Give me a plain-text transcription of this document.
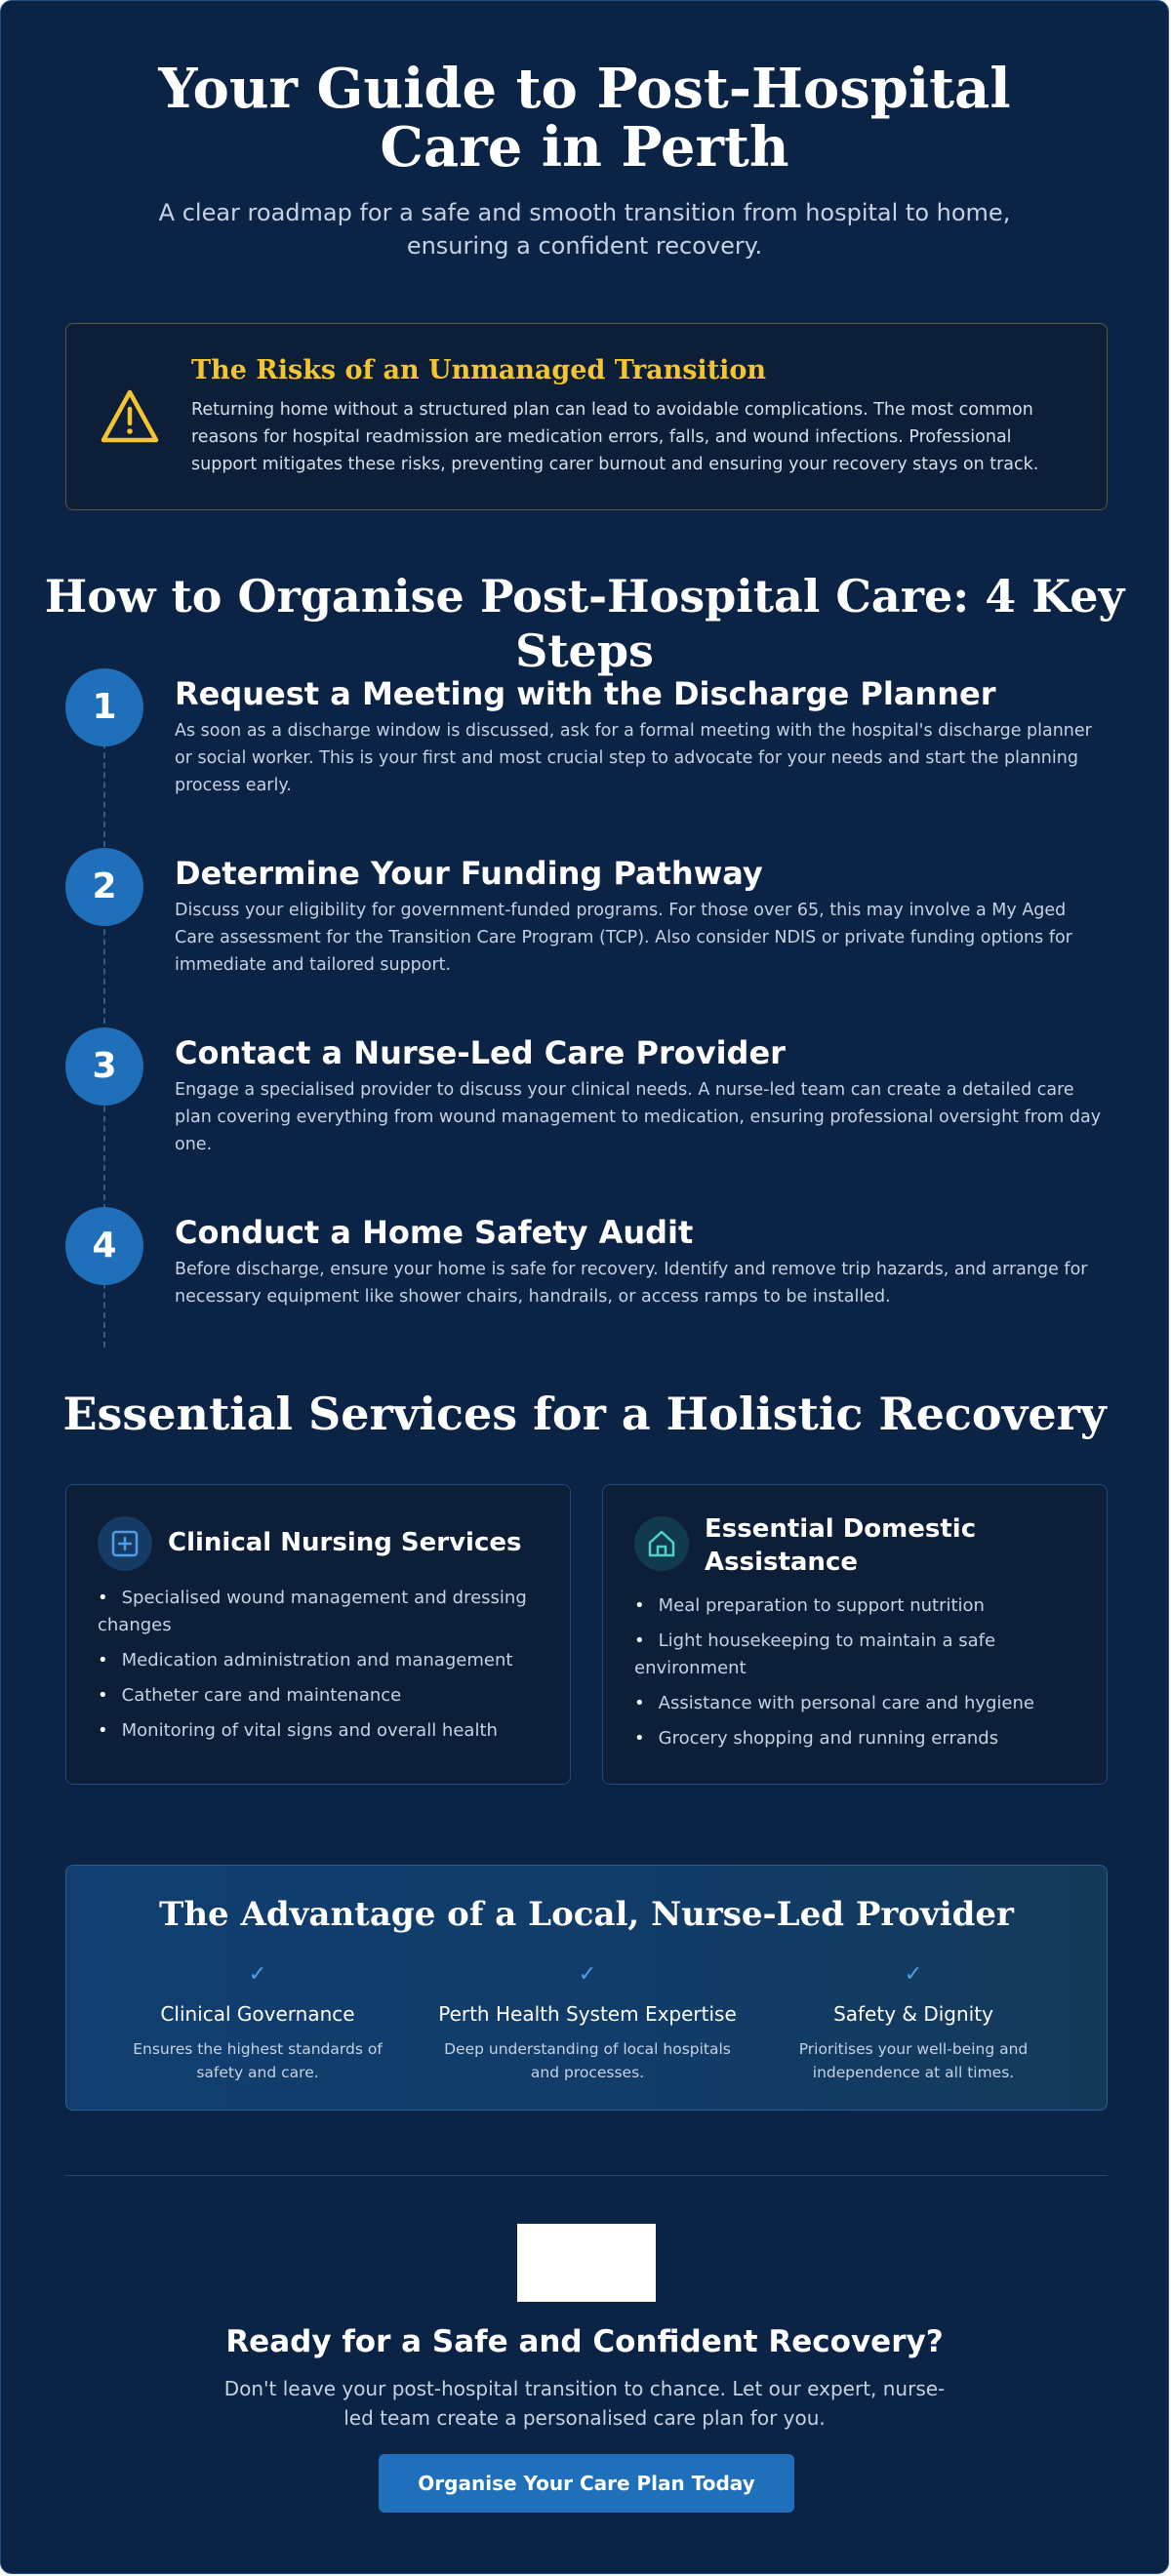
Your Guide to Post-Hospital Care in Perth

A clear roadmap for a safe and smooth transition from hospital to home, ensuring a confident recovery.

The Risks of an Unmanaged Transition

Returning home without a structured plan can lead to avoidable complications. The most common reasons for hospital readmission are medication errors, falls, and wound infections. Professional support mitigates these risks, preventing carer burnout and ensuring your recovery stays on track.

How to Organise Post-Hospital Care: 4 Key Steps
1	Request a Meeting with the Discharge Planner

As soon as a discharge window is discussed, ask for a formal meeting with the hospital's discharge planner or social worker. This is your first and most crucial step to advocate for your needs and start the planning process early.

2	Determine Your Funding Pathway

Discuss your eligibility for government-funded programs. For those over 65, this may involve a My Aged Care assessment for the Transition Care Program (TCP). Also consider NDIS or private funding options for immediate and tailored support.

3	Contact a Nurse-Led Care Provider

Engage a specialised provider to discuss your clinical needs. A nurse-led team can create a detailed care plan covering everything from wound management to medication, ensuring professional oversight from day one.

4	Conduct a Home Safety Audit

Before discharge, ensure your home is safe for recovery. Identify and remove trip hazards, and arrange for necessary equipment like shower chairs, handrails, or access ramps to be installed.

Essential Services for a Holistic Recovery
Clinical Nursing Services
• Specialised wound management and dressing changes
• Medication administration and management
• Catheter care and maintenance
• Monitoring of vital signs and overall health
Essential Domestic Assistance
• Meal preparation to support nutrition
• Light housekeeping to maintain a safe environment
• Assistance with personal care and hygiene
• Grocery shopping and running errands
The Advantage of a Local, Nurse-Led Provider
✓
Clinical Governance
Ensures the highest standards of safety and care.
✓
Perth Health System Expertise
Deep understanding of local hospitals and processes.
✓
Safety & Dignity
Prioritises your well-being and independence at all times.
Ready for a Safe and Confident Recovery?

Don't leave your post-hospital transition to chance. Let our expert, nurse-led team create a personalised care plan for you.

Organise Your Care Plan Today
